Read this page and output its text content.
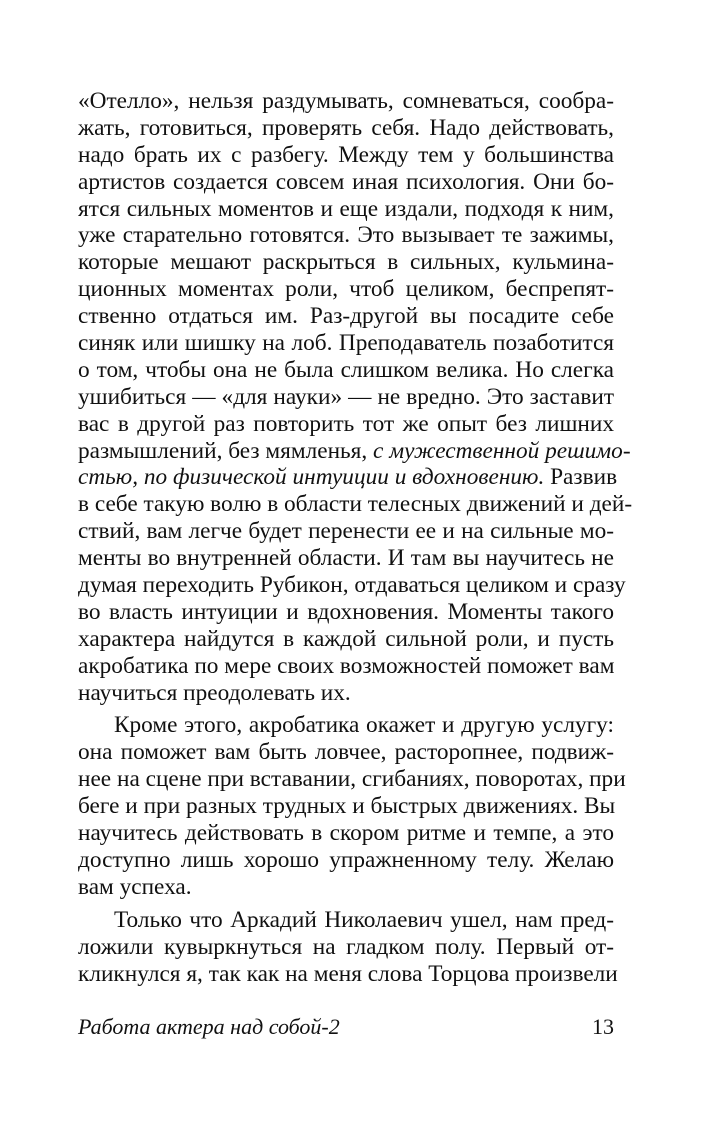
«Отелло», нельзя раздумывать, сомневаться, сообра-
жать, готовиться, проверять себя. Надо действовать,
надо брать их с разбегу. Между тем у большинства
артистов создается совсем иная психология. Они бо-
ятся сильных моментов и еще издали, подходя к ним,
уже старательно готовятся. Это вызывает те зажимы,
которые мешают раскрыться в сильных, кульмина-
ционных моментах роли, чтоб целиком, беспрепят-
ственно отдаться им. Раз-другой вы посадите себе
синяк или шишку на лоб. Преподаватель позаботится
о том, чтобы она не была слишком велика. Но слегка
ушибиться — «для науки» — не вредно. Это заставит
вас в другой раз повторить тот же опыт без лишних
размышлений, без мямленья, с мужественной решимо-
стью, по физической интуиции и вдохновению. Развив
в себе такую волю в области телесных движений и дей-
ствий, вам легче будет перенести ее и на сильные мо-
менты во внутренней области. И там вы научитесь не
думая переходить Рубикон, отдаваться целиком и сразу
во власть интуиции и вдохновения. Моменты такого
характера найдутся в каждой сильной роли, и пусть
акробатика по мере своих возможностей поможет вам
научиться преодолевать их.
Кроме этого, акробатика окажет и другую услугу:
она поможет вам быть ловчее, расторопнее, подвиж-
нее на сцене при вставании, сгибаниях, поворотах, при
беге и при разных трудных и быстрых движениях. Вы
научитесь действовать в скором ритме и темпе, а это
доступно лишь хорошо упражненному телу. Желаю
вам успеха.
Только что Аркадий Николаевич ушел, нам пред-
ложили кувыркнуться на гладком полу. Первый от-
кликнулся я, так как на меня слова Торцова произвели
Работа актера над собой-2	13
